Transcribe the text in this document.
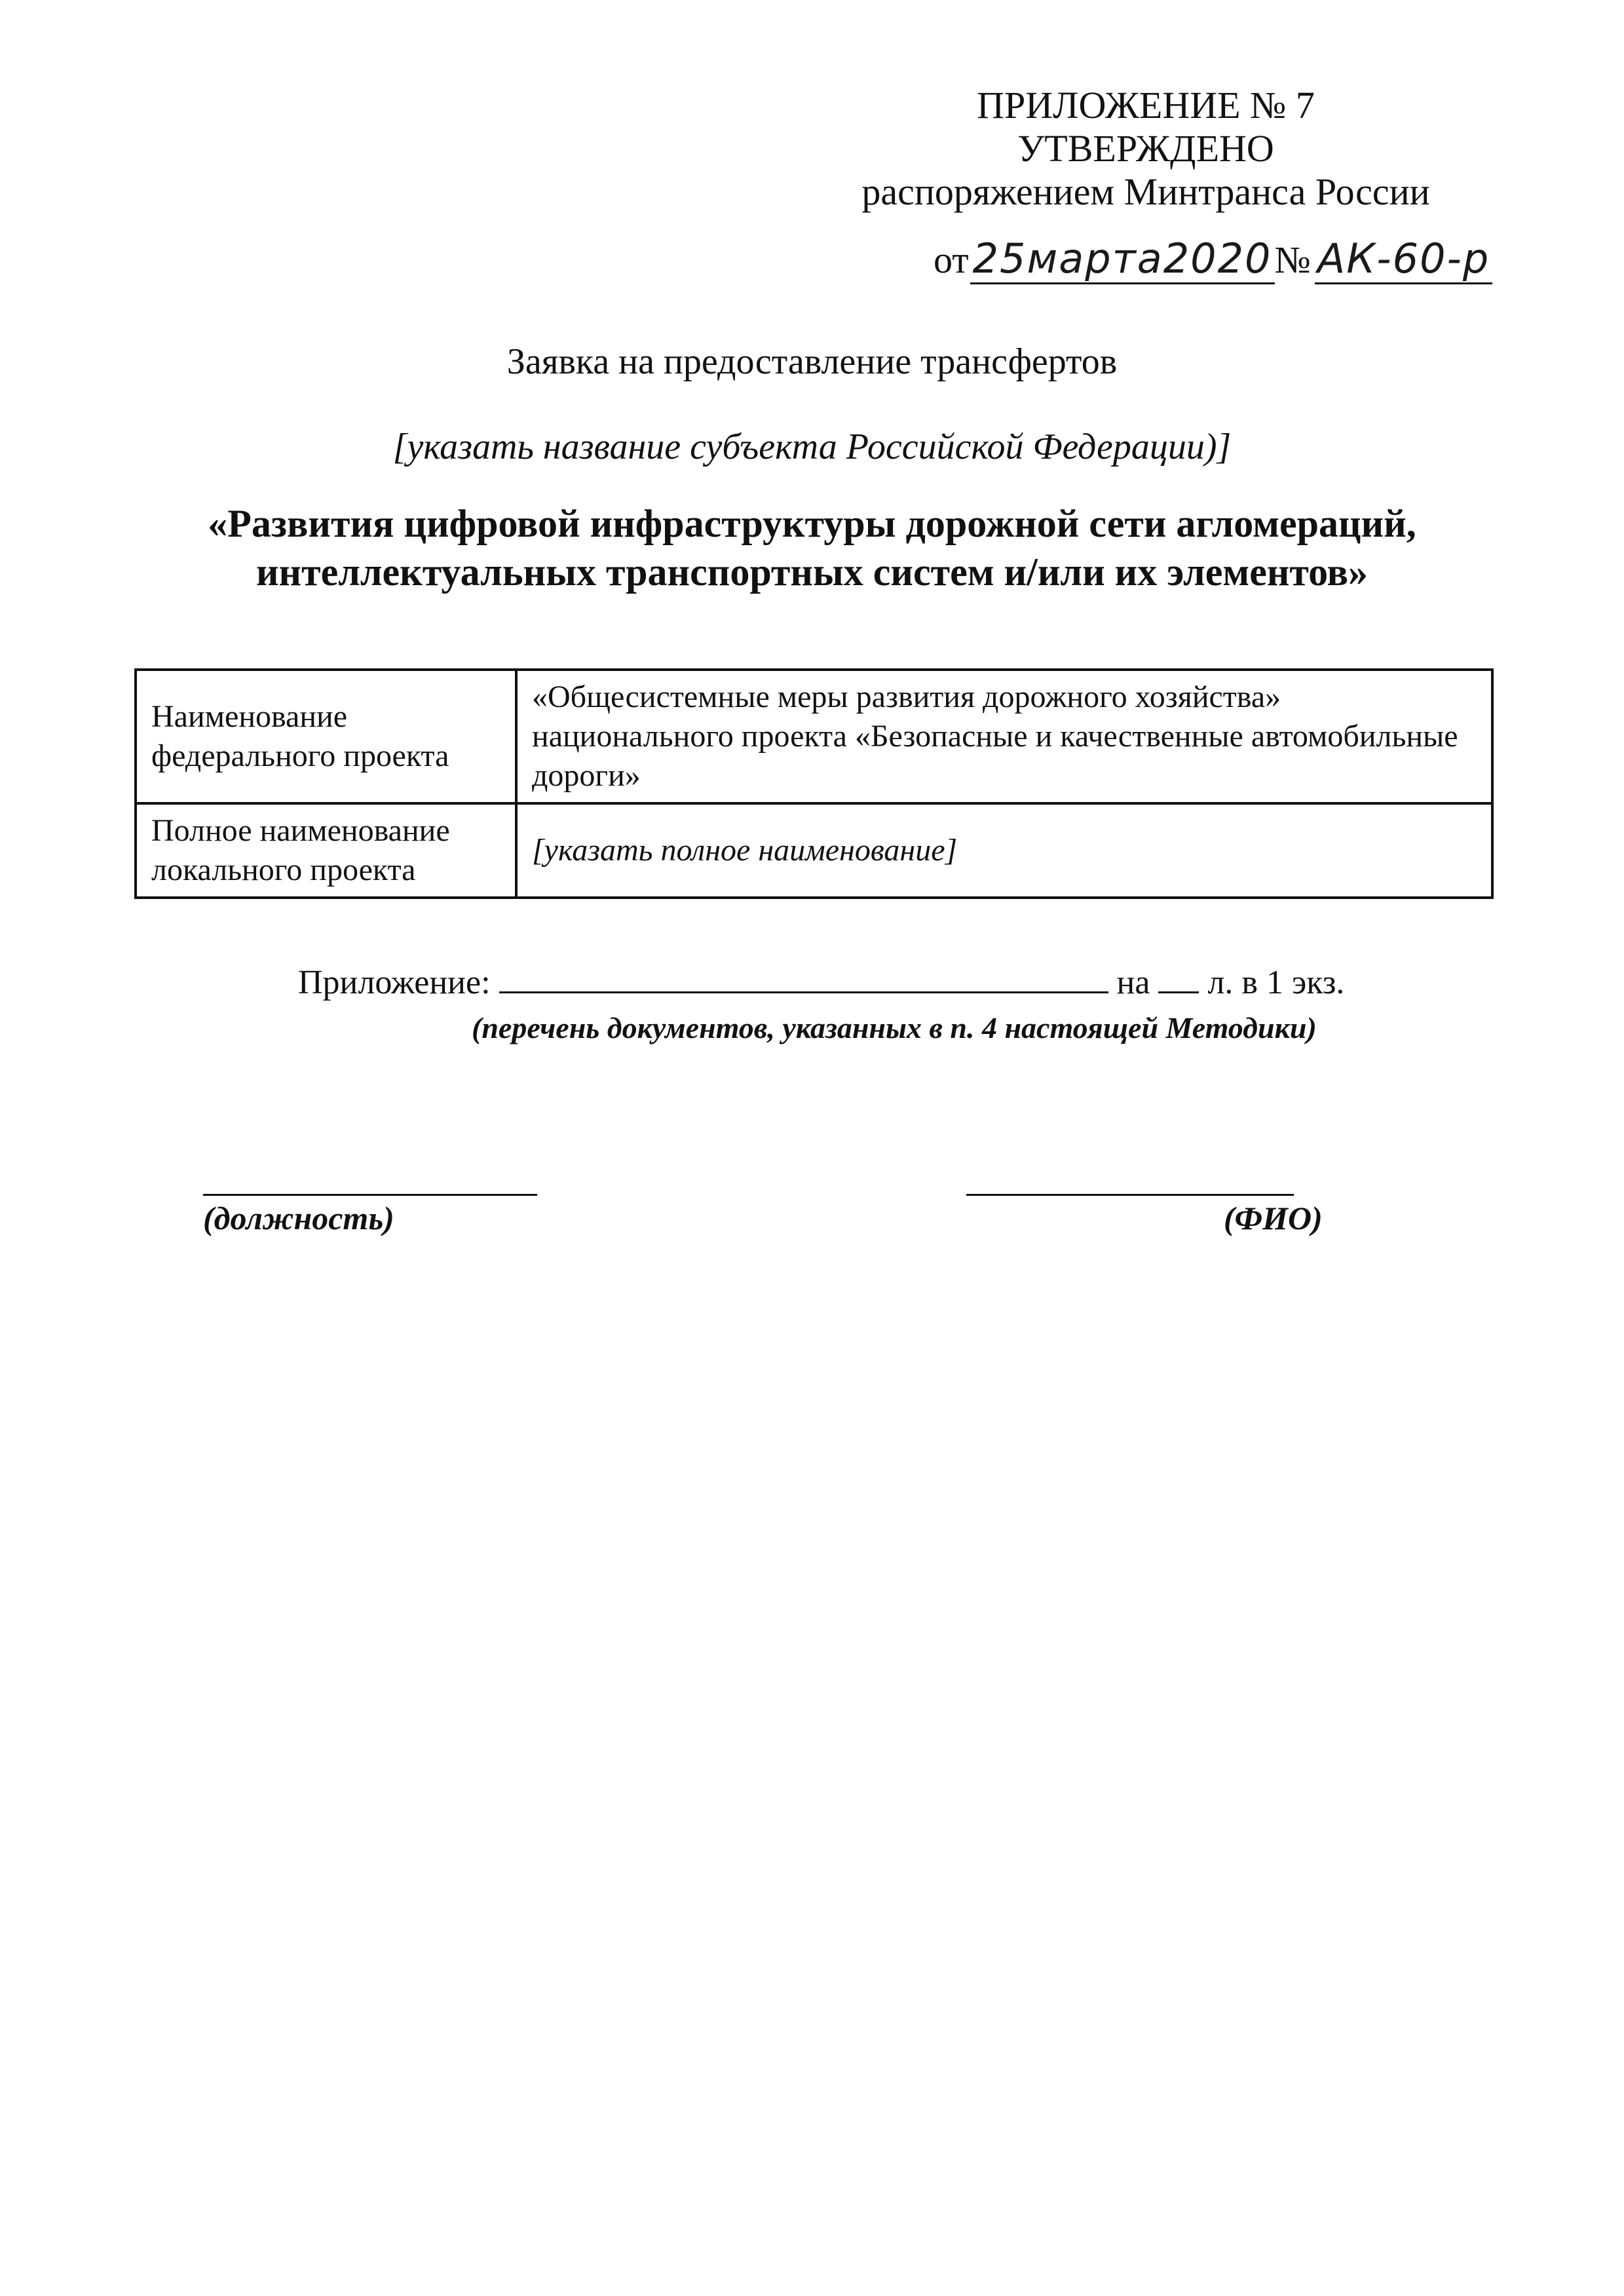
ПРИЛОЖЕНИЕ № 7
УТВЕРЖДЕНО
распоряжением Минтранса России
от25марта2020№ АК-60-р
Заявка на предоставление трансфертов
[указать название субъекта Российской Федерации)]
«Развития цифровой инфраструктуры дорожной сети агломераций,
интеллектуальных транспортных систем и/или их элементов»
Наименование федерального проекта	«Общесистемные меры развития дорожного хозяйства» национального проекта «Безопасные и качественные автомобильные дороги»
Полное наименование локального проекта	[указать полное наименование]
Приложение:	на л. в 1 экз.
(перечень документов, указанных в п. 4 настоящей Методики)
(должность)	(ФИО)
